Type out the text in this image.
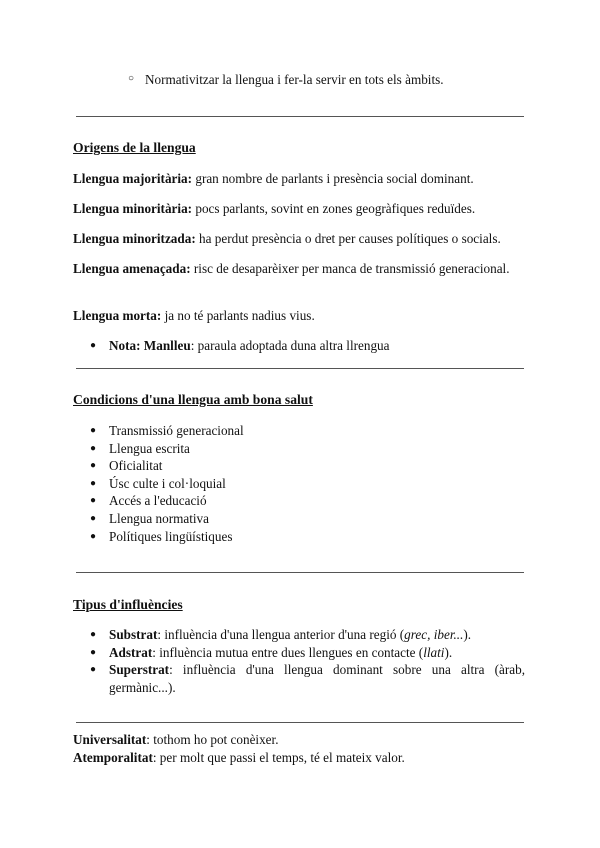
○ Normativitzar la llengua i fer-la servir en tots els àmbits.
Origens de la llengua
Llengua majoritària: gran nombre de parlants i presència social dominant.
Llengua minoritària: pocs parlants, sovint en zones geogràfiques reduïdes.
Llengua minoritzada: ha perdut presència o dret per causes polítiques o socials.
Llengua amenaçada: risc de desaparèixer per manca de transmissió generacional.
Llengua morta: ja no té parlants nadius vius.
● Nota: Manlleu: paraula adoptada duna altra llrengua
Condicions d'una llengua amb bona salut
● Transmissió generacional
● Llengua escrita
● Oficialitat
● Úsc culte i col·loquial
● Accés a l'educació
● Llengua normativa
● Polítiques lingüístiques
Tipus d'influències
● Substrat: influència d'una llengua anterior d'una regió (grec, iber...).
● Adstrat: influència mutua entre dues llengues en contacte (llati).
● Superstrat: influència d'una llengua dominant sobre una altra (àrab, germànic...).
Universalitat: tothom ho pot conèixer.
Atemporalitat: per molt que passi el temps, té el mateix valor.
